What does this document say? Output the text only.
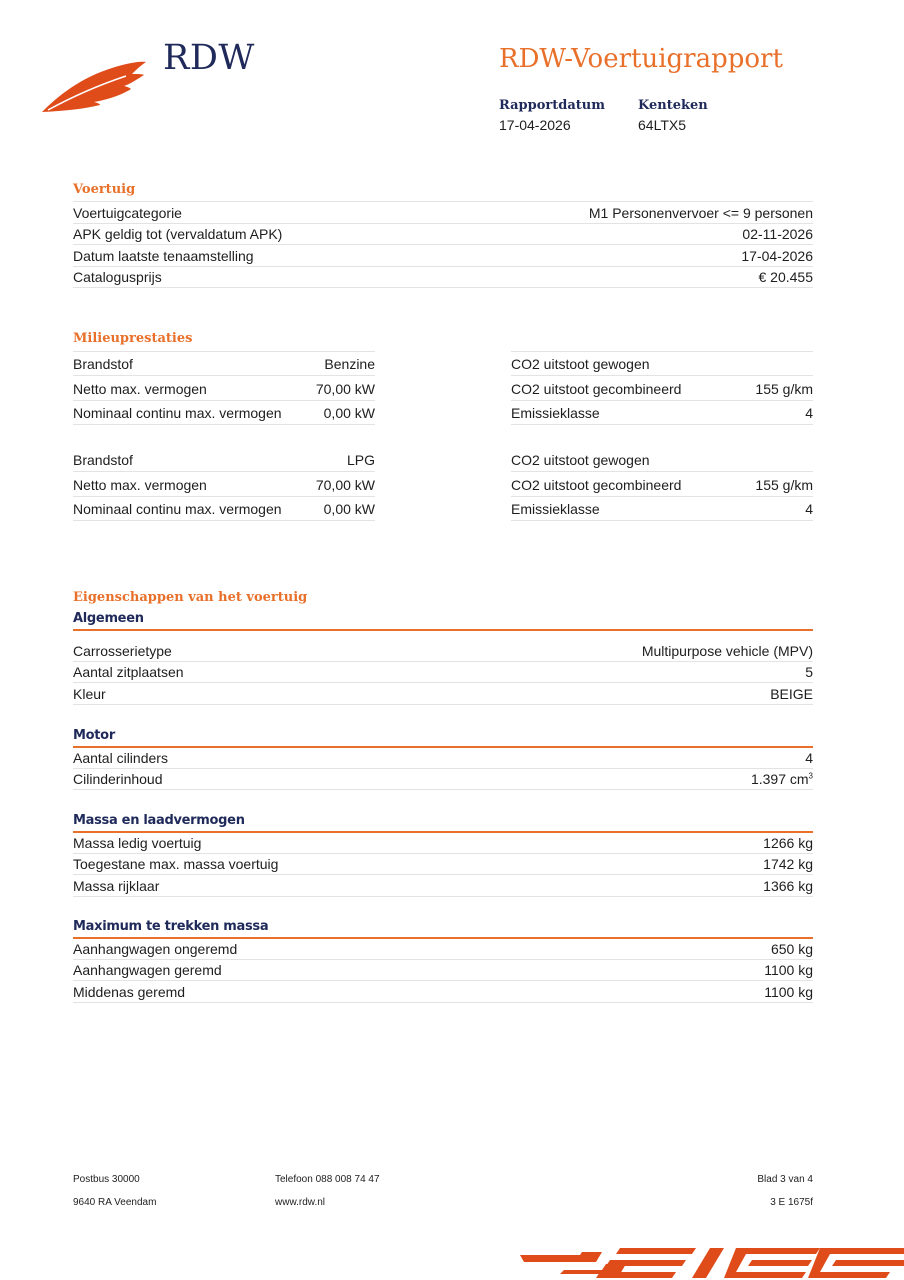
RDW	RDW-Voertuigrapport
Rapportdatum
17-04-2026
Kenteken
64LTX5
Voertuig
Voertuigcategorie	M1 Personenvervoer <= 9 personen
APK geldig tot (vervaldatum APK)	02-11-2026
Datum laatste tenaamstelling	17-04-2026
Catalogusprijs	€ 20.455
Milieuprestaties
Brandstof	Benzine
Netto max. vermogen	70,00 kW
Nominaal continu max. vermogen	0,00 kW
CO2 uitstoot gewogen
CO2 uitstoot gecombineerd	155 g/km
Emissieklasse	4
Brandstof	LPG
Netto max. vermogen	70,00 kW
Nominaal continu max. vermogen	0,00 kW
CO2 uitstoot gewogen
CO2 uitstoot gecombineerd	155 g/km
Emissieklasse	4
Eigenschappen van het voertuig
Algemeen
Carrosserietype	Multipurpose vehicle (MPV)
Aantal zitplaatsen	5
Kleur	BEIGE
Motor
Aantal cilinders	4
Cilinderinhoud	1.397 $cm^3$
Massa en laadvermogen
Massa ledig voertuig	1266 kg
Toegestane max. massa voertuig	1742 kg
Massa rijklaar	1366 kg
Maximum te trekken massa
Aanhangwagen ongeremd	650 kg
Aanhangwagen geremd	1100 kg
Middenas geremd	1100 kg
Postbus 30000
9640 RA Veendam
Telefoon 088 008 74 47
www.rdw.nl
Blad 3 van 4
3 E 1675f
